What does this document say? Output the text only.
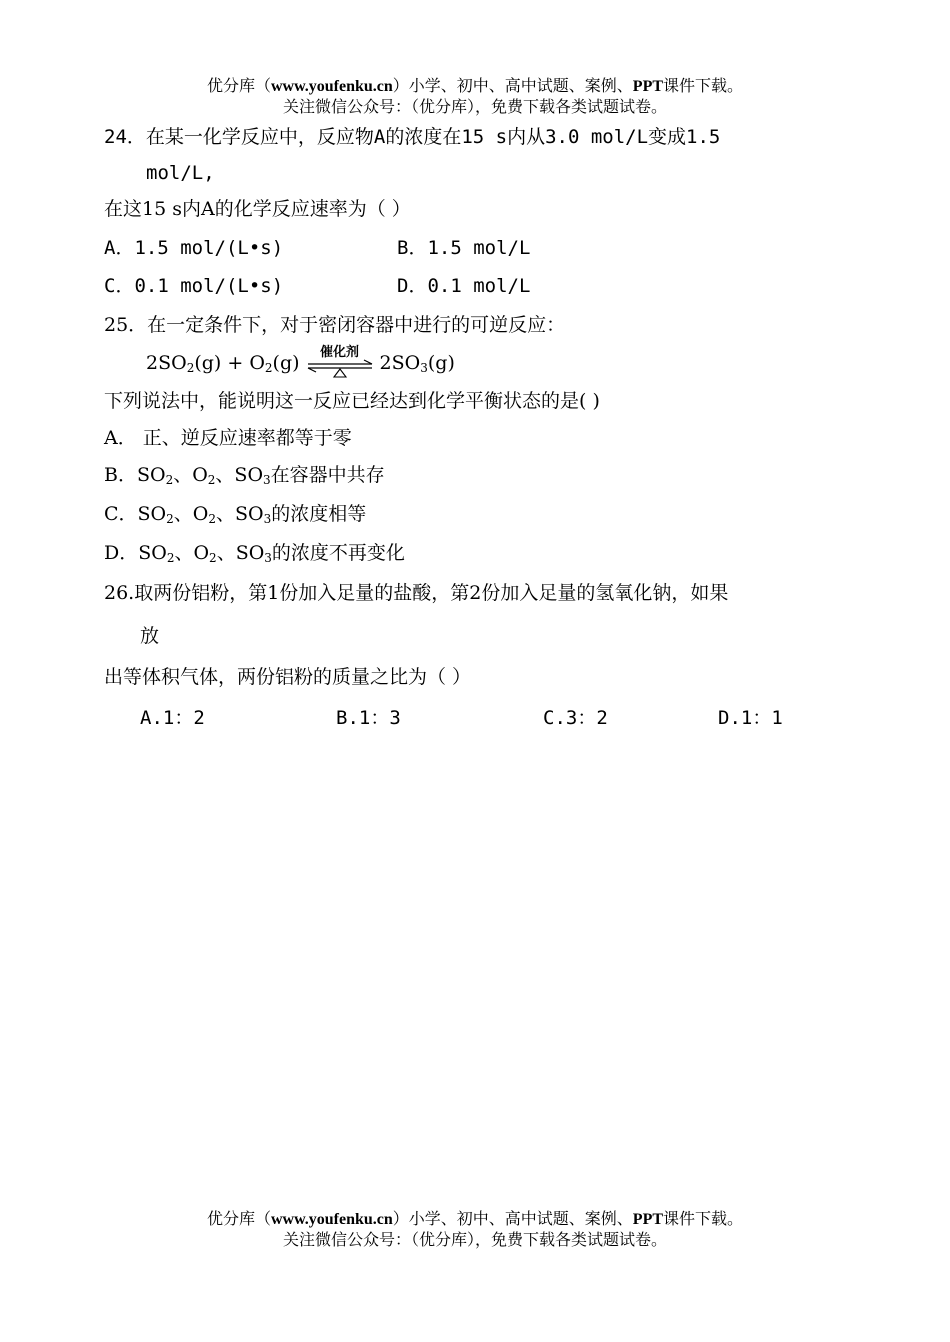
优分库（www.youfenku.cn）小学、初中、高中试题、案例、PPT课件下载。
关注微信公众号：（优分库），免费下载各类试题试卷。
24．在某一化学反应中，反应物A的浓度在15 s内从3.0 mol/L变成1.5
mol/L,
在这15 s内A的化学反应速率为（ ）
A．1.5 mol/(L•s)	B．1.5 mol/L
C．0.1 mol/(L•s)	D．0.1 mol/L
25．在一定条件下，对于密闭容器中进行的可逆反应：
$2SO_2(g) + O_2(g)$	催化剂	$2SO_3(g)$
下列说法中，能说明这一反应已经达到化学平衡状态的是( )
A． 正、逆反应速率都等于零
B．$SO_2$、$O_2$、$SO_3$在容器中共存
C．$SO_2$、$O_2$、$SO_3$的浓度相等
D．$SO_2$、$O_2$、$SO_3$的浓度不再变化
26.取两份铝粉，第1份加入足量的盐酸，第2份加入足量的氢氧化钠，如果
放
出等体积气体，两份铝粉的质量之比为（ ）
A.1：2	B.1：3	C.3：2	D.1：1
优分库（www.youfenku.cn）小学、初中、高中试题、案例、PPT课件下载。
关注微信公众号：（优分库），免费下载各类试题试卷。
